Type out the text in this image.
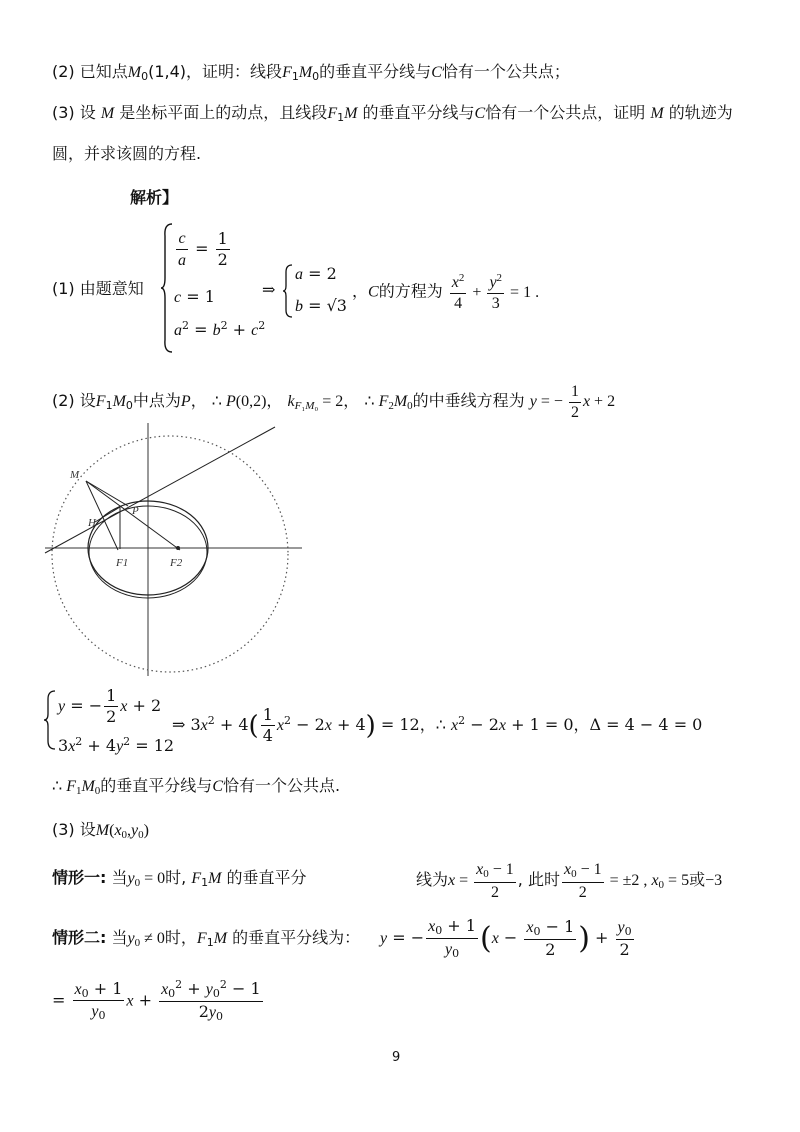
(2) 已知点$M_0(1,4)$，证明：线段$F_1M_0$的垂直平分线与C恰有一个公共点；
(3) 设 M 是坐标平面上的动点，且线段$F_1M$ 的垂直平分线与C恰有一个公共点，证明 M 的轨迹为
圆，并求该圆的方程.
解析】
(1) 由题意知
$\frac{c}{a} = \frac{1}{2}$
c = 1
$a^2 = b^2 + c^2$
⇒
a = 2
b = √3
，C的方程为 $\frac{x^2}{4} + \frac{y^2}{3} = 1$ .
(2) 设$F_1M_0$中点为P， ∴ P(0,2)， $k_{F_1M_0} = 2$， ∴ $F_2M_0$的中垂线方程为 y = − $\frac{1}{2}$ x + 2
M
H
P
F1	F2
y = − $\frac{1}{2}$ x + 2
$3x^2 + 4y^2 = 12$
⇒ $3x^2 + 4( \frac{1}{4} x^2 - 2x + 4) = 12$，∴ $x^2 - 2x + 1 = 0$，Δ = 4 − 4 = 0
∴ $F_1M_0$的垂直平分线与C恰有一个公共点.
(3) 设$M(x_0,y_0)$
情形一: 当$y_0 = 0$时, $F_1M$ 的垂直平分	线为$x = \frac{x_0 - 1}{2}$ , 此时 $\frac{x_0 - 1}{2} = \pm 2$ , $x_0 = 5$或−3
情形二: 当$y_0 \ne 0$时，$F_1M$ 的垂直平分线为： y = − $\frac{x_0 + 1}{y_0} (x - \frac{x_0 - 1}{2}$ ) + $\frac{y_0}{2}$
= $\frac{x_0 + 1}{y_0}$ $x + \frac{x_0^2 + y_0^2 - 1}{2y_0}$
9
